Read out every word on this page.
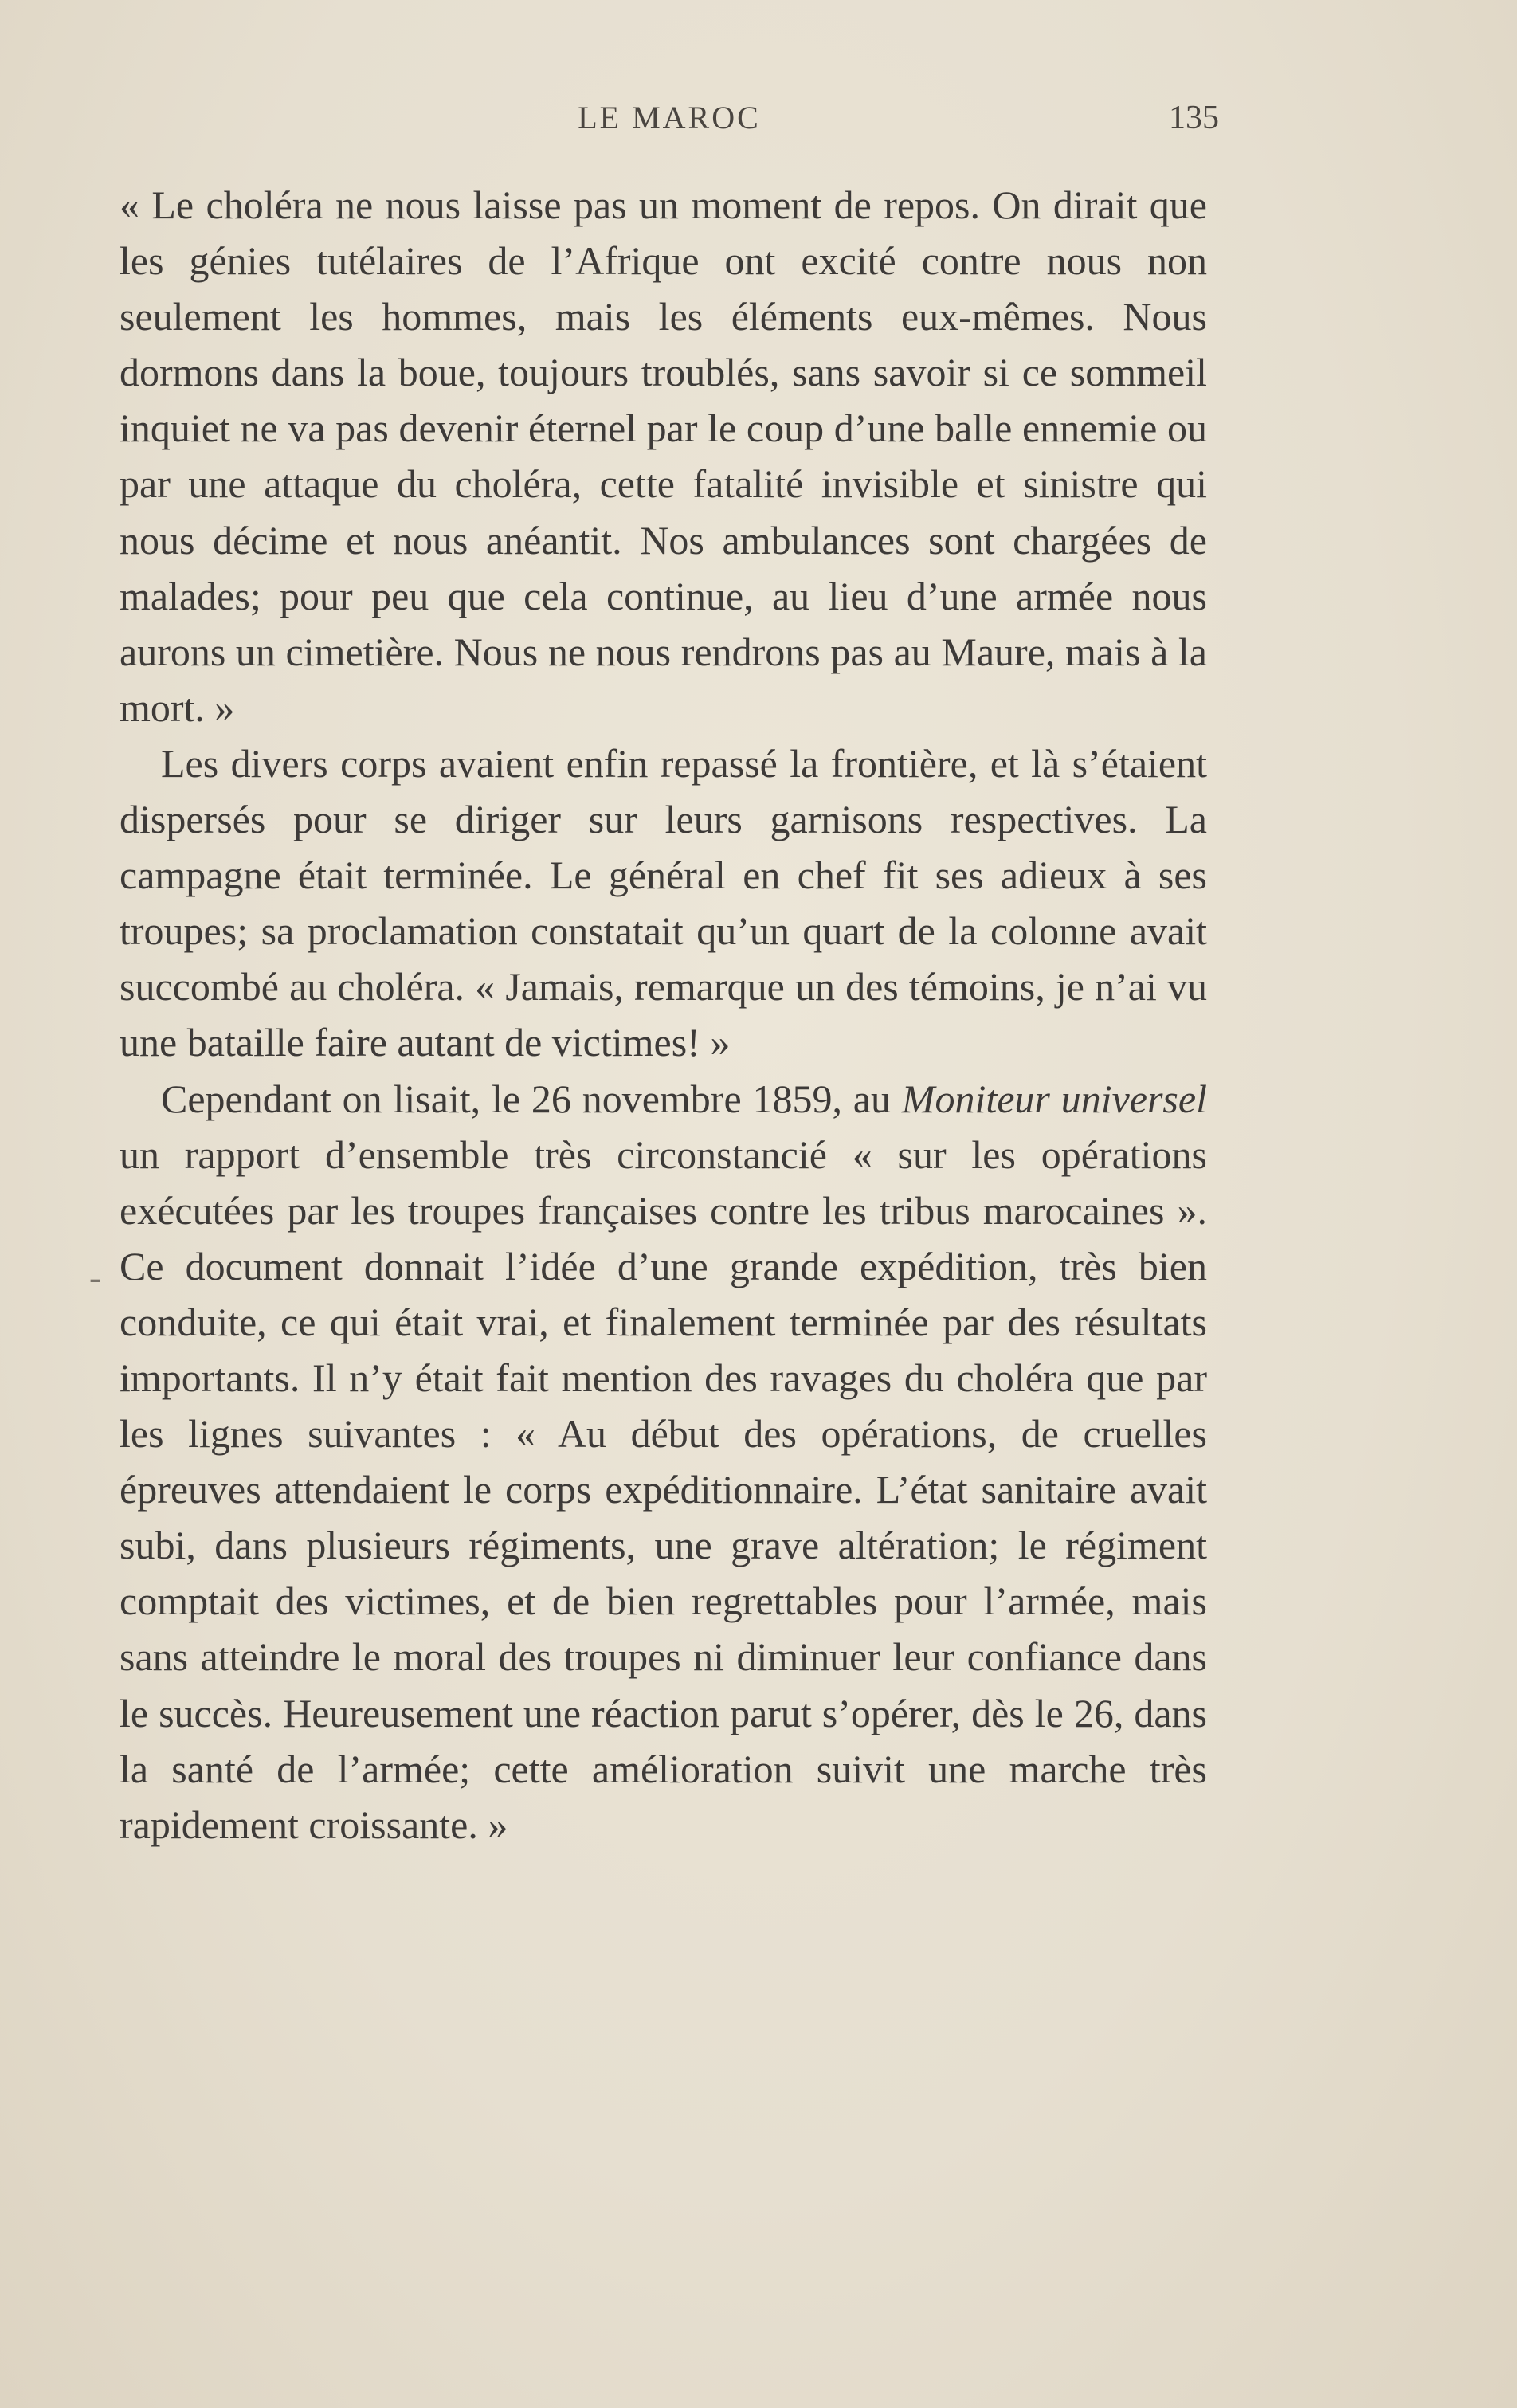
LE MAROC	135
-

« Le choléra ne nous laisse pas un moment de repos. On dirait que les génies tutélaires de l’Afrique ont excité contre nous non seulement les hommes, mais les éléments eux-mêmes. Nous dormons dans la boue, toujours troublés, sans savoir si ce sommeil inquiet ne va pas devenir éternel par le coup d’une balle ennemie ou par une attaque du choléra, cette fatalité invisible et sinistre qui nous décime et nous anéantit. Nos ambulances sont chargées de malades; pour peu que cela continue, au lieu d’une armée nous aurons un cimetière. Nous ne nous rendrons pas au Maure, mais à la mort. »

Les divers corps avaient enfin repassé la frontière, et là s’étaient dispersés pour se diriger sur leurs garnisons respectives. La campagne était terminée. Le général en chef fit ses adieux à ses troupes; sa proclamation constatait qu’un quart de la colonne avait succombé au choléra. « Jamais, remarque un des témoins, je n’ai vu une bataille faire autant de victimes! »

Cependant on lisait, le 26 novembre 1859, au Moniteur universel un rapport d’ensemble très circonstancié « sur les opérations exécutées par les troupes françaises contre les tribus marocaines ». Ce document donnait l’idée d’une grande expédition, très bien conduite, ce qui était vrai, et finalement terminée par des résultats importants. Il n’y était fait mention des ravages du choléra que par les lignes suivantes : « Au début des opérations, de cruelles épreuves attendaient le corps expéditionnaire. L’état sanitaire avait subi, dans plusieurs régiments, une grave altération; le régiment comptait des victimes, et de bien regrettables pour l’armée, mais sans atteindre le moral des troupes ni diminuer leur confiance dans le succès. Heureusement une réaction parut s’opérer, dès le 26, dans la santé de l’armée; cette amélioration suivit une marche très rapidement croissante. »
